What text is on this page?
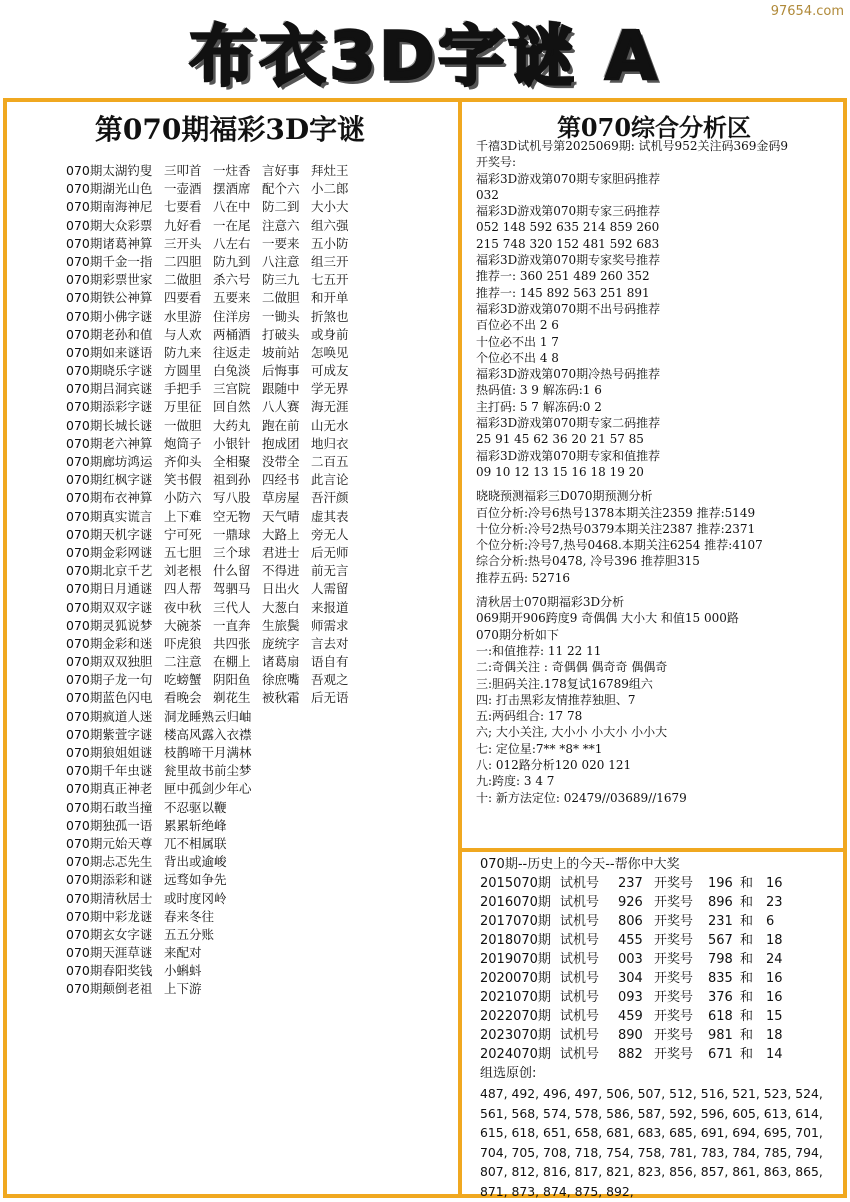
97654.com
布衣3D字谜 A
第070期福彩3D字谜
070期太湖钓叟 三叩首 一炷香 言好事 拜灶王
070期湖光山色 一壶酒 摆酒席 配个六 小二郎
070期南海神尼 七要看 八在中 防二到 大小大
070期大众彩票 九好看 一在尾 注意六 组六强
070期诸葛神算 三开头 八左右 一要来 五小防
070期千金一指 二四胆 防九到 八注意 组三开
070期彩票世家 二做胆 杀六号 防三九 七五开
070期铁公神算 四要看 五要来 二做胆 和开单
070期小佛字谜 水里游 住洋房 一锄头 折煞也
070期老孙和值 与人欢 两桶酒 打破头 或身前
070期如来谜语 防九来 往返走 坡前站 怎唤见
070期晓乐字谜 方圆里 白兔淡 后悔事 可成友
070期吕洞宾谜 手把手 三宫院 跟随中 学无界
070期添彩字谜 万里征 回自然 八人赛 海无涯
070期长城长谜 一做胆 大药丸 跑在前 山无水
070期老六神算 炮筒子 小银针 抱成团 地归衣
070期廊坊鸿运 齐仰头 全相聚 没带全 二百五
070期红枫字谜 笑书假 祖到孙 四经书 此言论
070期布衣神算 小防六 写八股 草房屋 吾汗颜
070期真实谎言 上下难 空无物 天气晴 虚其表
070期天机字谜 宁可死 一鼎球 大路上 旁无人
070期金彩网谜 五七胆 三个球 君进士 后无师
070期北京千艺 刘老根 什么留 不得进 前无言
070期日月通谜 四人帮 驾驷马 日出火 人需留
070期双双字谜 夜中秋 三代人 大葱白 来报道
070期灵狐说梦 大碗茶 一直奔 生旅鬓 师需求
070期金彩和迷 吓虎狼 共四张 庞统字 言去对
070期双双独胆 二注意 在棚上 诸葛扇 语自有
070期子龙一句 吃螃蟹 阴阳鱼 徐庶嘴 吾观之
070期蓝色闪电 看晚会 剃花生 被秋霜 后无语
070期疯道人迷 洞龙睡熟云归岫
070期紫萱字谜 楼高风露入衣襟
070期狼姐姐谜 枝鹊啼干月满林
070期千年虫谜 瓮里故书前尘梦
070期真正神老 匣中孤剑少年心
070期石敢当撞 不忍驱以鞭
070期独孤一语 累累斩绝峰
070期元始天尊 兀不相属联
070期忐忑先生 背出或逾峻
070期添彩和谜 远骛如争先
070期清秋居士 或时度冈岭
070期中彩龙谜 春来冬往
070期玄女字谜 五五分账
070期天涯草谜 来配对
070期春阳奖钱 小蝌蚪
070期颠倒老祖 上下游
第070综合分析区
千禧3D试机号第2025069期: 试机号952关注码369金码9
开奖号:
福彩3D游戏第070期专家胆码推荐
032
福彩3D游戏第070期专家三码推荐
052 148 592 635 214 859 260
215 748 320 152 481 592 683
福彩3D游戏第070期专家奖号推荐
推荐一: 360 251 489 260 352
推荐一: 145 892 563 251 891
福彩3D游戏第070期不出号码推荐
百位必不出 2 6
十位必不出 1 7
个位必不出 4 8
福彩3D游戏第070期冷热号码推荐
热码值: 3 9 解冻码:1 6
主打码: 5 7 解冻码:0 2
福彩3D游戏第070期专家二码推荐
25 91 45 62 36 20 21 57 85
福彩3D游戏第070期专家和值推荐
09 10 12 13 15 16 18 19 20
晓晓预测福彩三D070期预测分析
百位分析:冷号6热号1378本期关注2359 推荐:5149
十位分析:冷号2热号0379本期关注2387 推荐:2371
个位分析:冷号7,热号0468.本期关注6254 推荐:4107
综合分析:热号0478, 冷号396 推荐胆315
推荐五码: 52716
清秋居士070期福彩3D分析
069期开906跨度9 奇偶偶 大小大 和值15 000路
070期分析如下
一:和值推荐: 11 22 11
二:奇偶关注 : 奇偶偶 偶奇奇 偶偶奇
三:胆码关注.178复试16789组六
四: 打击黑彩友情推荐独胆、7
五:两码组合: 17 78
六; 大小关注, 大小小 小大小 小小大
七: 定位星:7** *8* **1
八: 012路分析120 020 121
九:跨度: 3 4 7
十: 新方法定位: 02479//03689//1679
070期--历史上的今天--帮你中大奖
2015070期 试机号	237 开奖号	196 和 16
2016070期 试机号	926 开奖号	896 和 23
2017070期 试机号	806 开奖号	231 和 6
2018070期 试机号	455 开奖号	567 和 18
2019070期 试机号	003 开奖号	798 和 24
2020070期 试机号	304 开奖号	835 和 16
2021070期 试机号	093 开奖号	376 和 16
2022070期 试机号	459 开奖号	618 和 15
2023070期 试机号	890 开奖号	981 和 18
2024070期 试机号	882 开奖号	671 和 14
组选原创:
487, 492, 496, 497, 506, 507, 512, 516, 521, 523, 524, 561, 568, 574, 578, 586, 587, 592, 596, 605, 613, 614, 615, 618, 651, 658, 681, 683, 685, 691, 694, 695, 701, 704, 705, 708, 718, 754, 758, 781, 783, 784, 785, 794, 807, 812, 816, 817, 821, 823, 856, 857, 861, 863, 865, 871, 873, 874, 875, 892,
